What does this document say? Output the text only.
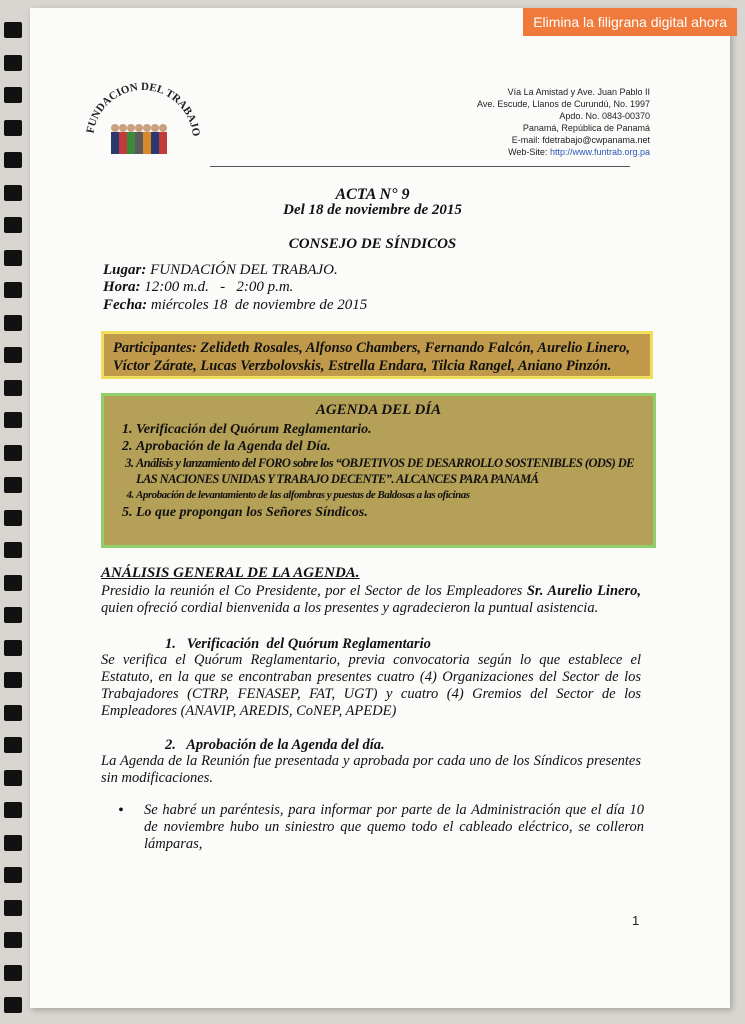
Elimina la filigrana digital ahora
FUNDACION DEL TRABAJO
Vía La Amistad y Ave. Juan Pablo II
Ave. Escude, Llanos de Curundú, No. 1997
Apdo. No. 0843-00370
Panamá, República de Panamá
E-mail: fdetrabajo@cwpanama.net
Web-Site: http://www.funtrab.org.pa
ACTA N° 9
Del 18 de noviembre de 2015
CONSEJO DE SÍNDICOS
Lugar: FUNDACIÓN DEL TRABAJO.
Hora: 12:00 m.d.   -   2:00 p.m.
Fecha: miércoles 18  de noviembre de 2015
Participantes: Zelideth Rosales, Alfonso Chambers, Fernando Falcón, Aurelio Linero, Víctor Zárate, Lucas Verzbolovskis, Estrella Endara, Tilcia Rangel, Aniano Pinzón.
AGENDA DEL DÍA
1. Verificación del Quórum Reglamentario.
2. Aprobación de la Agenda del Día.
3. Análisis y lanzamiento del FORO sobre los “OBJETIVOS DE DESARROLLO SOSTENIBLES (ODS) DE LAS NACIONES UNIDAS Y TRABAJO DECENTE”. ALCANCES PARA PANAMÁ
4. Aprobación de levantamiento de las alfombras y puestas de Baldosas a las oficinas
5. Lo que propongan los Señores Síndicos.
ANÁLISIS GENERAL DE LA AGENDA.
Presidio la reunión el Co Presidente, por el Sector de los Empleadores Sr. Aurelio Linero, quien ofreció cordial bienvenida a los presentes y agradecieron la puntual asistencia.
1.   Verificación  del Quórum Reglamentario
Se verifica el Quórum Reglamentario, previa convocatoria según lo que establece el Estatuto, en la que se encontraban presentes cuatro (4) Organizaciones del Sector de los Trabajadores (CTRP, FENASEP, FAT, UGT) y cuatro (4) Gremios del Sector de los Empleadores (ANAVIP, AREDIS, CoNEP, APEDE)
2.   Aprobación de la Agenda del día.
La Agenda de la Reunión fue presentada y aprobada por cada uno de los Síndicos presentes sin modificaciones.
• Se habré un paréntesis, para informar por parte de la Administración que el día 10 de noviembre hubo un siniestro que quemo todo el cableado eléctrico, se colleron lámparas,
1
